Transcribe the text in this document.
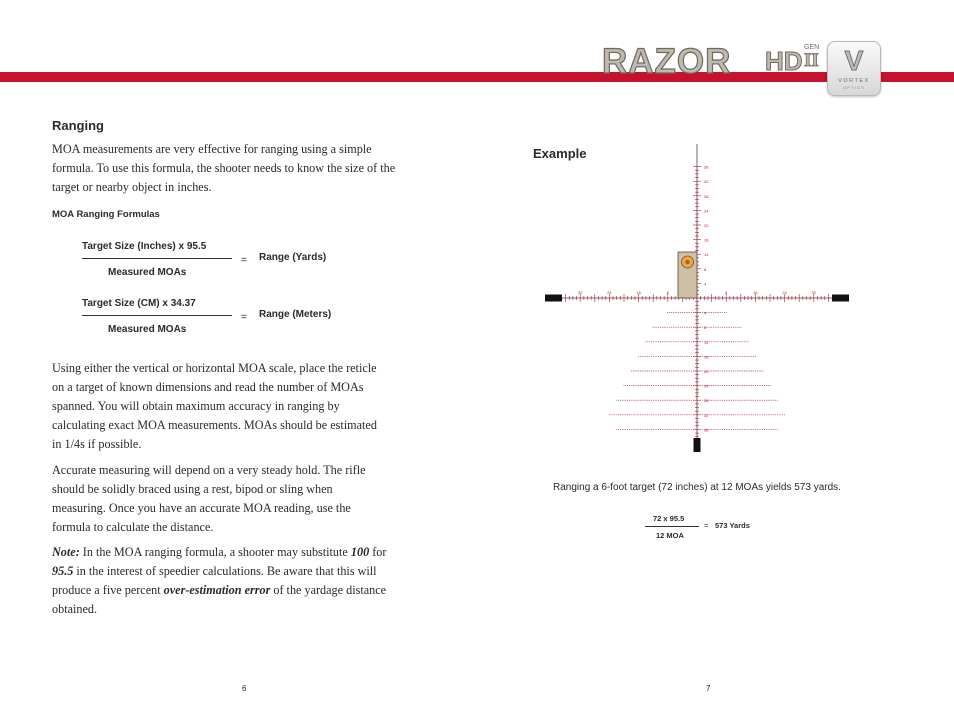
RAZOR HD GEN
II V
VORTEX
OPTICS
Ranging
MOA measurements are very effective for ranging using a simple formula. To use this formula, the shooter needs to know the size of the target or nearby object in inches.
MOA Ranging Formulas
Target Size (Inches) x 95.5
Measured MOAs
= Range (Yards)
Target Size (CM) x 34.37
Measured MOAs
= Range (Meters)
Using either the vertical or horizontal MOA scale, place the reticle on a target of known dimensions and read the number of MOAs spanned. You will obtain maximum accuracy in ranging by calculating exact MOA measurements. MOAs should be estimated in 1/4s if possible.
Accurate measuring will depend on a very steady hold. The rifle should be solidly braced using a rest, bipod or sling when measuring. Once you have an accurate MOA reading, use the formula to calculate the distance.
Note: In the MOA ranging formula, a shooter may substitute 100 for 95.5 in the interest of speedier calculations. Be aware that this will produce a five percent over-estimation error of the yardage distance obtained.
6
Example
4
8
12
16
20
24
28
32
36
4
8
12
16
20
24
28
32
36
8
16
24
32	8	16	24	32
Ranging a 6-foot target (72 inches) at 12 MOAs yields 573 yards.
72 x 95.5
12 MOA
= 573 Yards
7
